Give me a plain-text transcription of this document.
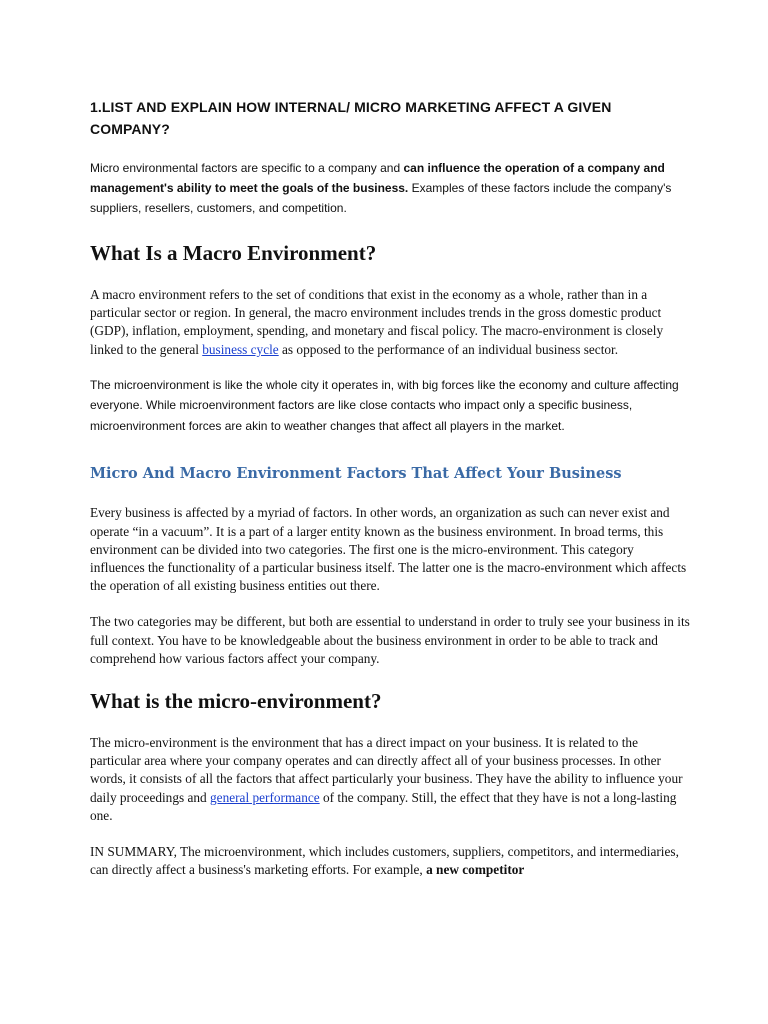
1.LIST AND EXPLAIN HOW INTERNAL/ MICRO MARKETING AFFECT A GIVEN
COMPANY?

Micro environmental factors are specific to a company and can influence the operation of a company and management's ability to meet the goals of the business. Examples of these factors include the company's suppliers, resellers, customers, and competition.

What Is a Macro Environment?

A macro environment refers to the set of conditions that exist in the economy as a whole, rather than in a particular sector or region. In general, the macro environment includes trends in the gross domestic product (GDP), inflation, employment, spending, and monetary and fiscal policy. The macro-environment is closely linked to the general business cycle as opposed to the performance of an individual business sector.

The microenvironment is like the whole city it operates in, with big forces like the economy and culture affecting everyone. While microenvironment factors are like close contacts who impact only a specific business, microenvironment forces are akin to weather changes that affect all players in the market.

Micro And Macro Environment Factors That Affect Your Business

Every business is affected by a myriad of factors. In other words, an organization as such can never exist and operate “in a vacuum”. It is a part of a larger entity known as the business environment. In broad terms, this environment can be divided into two categories. The first one is the micro-environment. This category influences the functionality of a particular business itself. The latter one is the macro-environment which affects the operation of all existing business entities out there.

The two categories may be different, but both are essential to understand in order to truly see your business in its full context. You have to be knowledgeable about the business environment in order to be able to track and comprehend how various factors affect your company.

What is the micro-environment?

The micro-environment is the environment that has a direct impact on your business. It is related to the particular area where your company operates and can directly affect all of your business processes. In other words, it consists of all the factors that affect particularly your business. They have the ability to influence your daily proceedings and general performance of the company. Still, the effect that they have is not a long-lasting one.

IN SUMMARY, The microenvironment, which includes customers, suppliers, competitors, and intermediaries, can directly affect a business's marketing efforts. For example, a new competitor
